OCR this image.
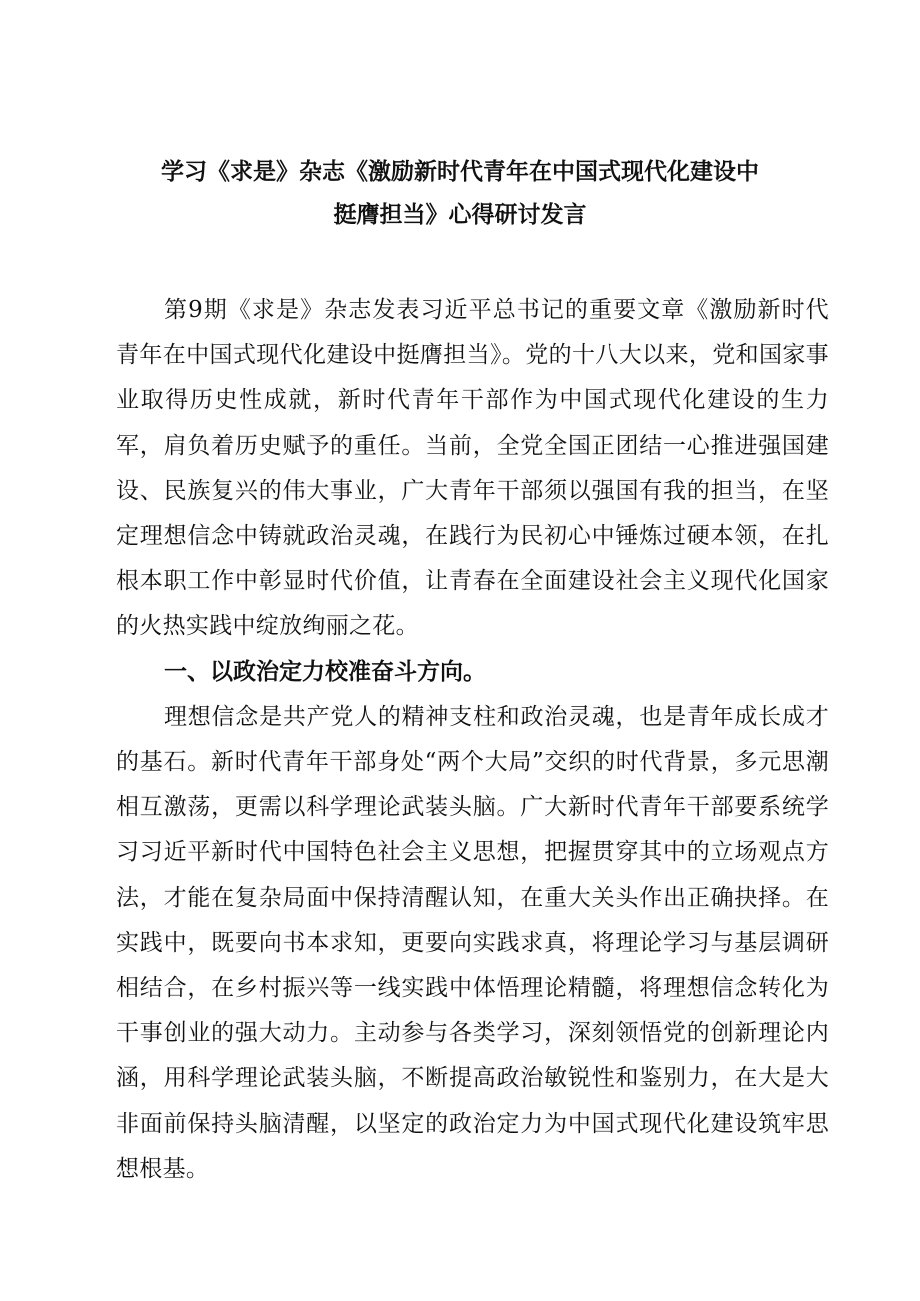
学习《求是》杂志《激励新时代青年在中国式现代化建设中
挺膺担当》心得研讨发言

第9期《求是》杂志发表习近平总书记的重要文章《激励新时代青年在中国式现代化建设中挺膺担当》。党的十八大以来，党和国家事业取得历史性成就，新时代青年干部作为中国式现代化建设的生力军，肩负着历史赋予的重任。当前，全党全国正团结一心推进强国建设、民族复兴的伟大事业，广大青年干部须以强国有我的担当，在坚定理想信念中铸就政治灵魂，在践行为民初心中锤炼过硬本领，在扎根本职工作中彰显时代价值，让青春在全面建设社会主义现代化国家的火热实践中绽放绚丽之花。

一、以政治定力校准奋斗方向。

理想信念是共产党人的精神支柱和政治灵魂，也是青年成长成才的基石。新时代青年干部身处“两个大局”交织的时代背景，多元思潮相互激荡，更需以科学理论武装头脑。广大新时代青年干部要系统学习习近平新时代中国特色社会主义思想，把握贯穿其中的立场观点方法，才能在复杂局面中保持清醒认知，在重大关头作出正确抉择。在实践中，既要向书本求知，更要向实践求真，将理论学习与基层调研相结合，在乡村振兴等一线实践中体悟理论精髓，将理想信念转化为干事创业的强大动力。主动参与各类学习，深刻领悟党的创新理论内涵，用科学理论武装头脑，不断提高政治敏锐性和鉴别力，在大是大非面前保持头脑清醒，以坚定的政治定力为中国式现代化建设筑牢思想根基。
